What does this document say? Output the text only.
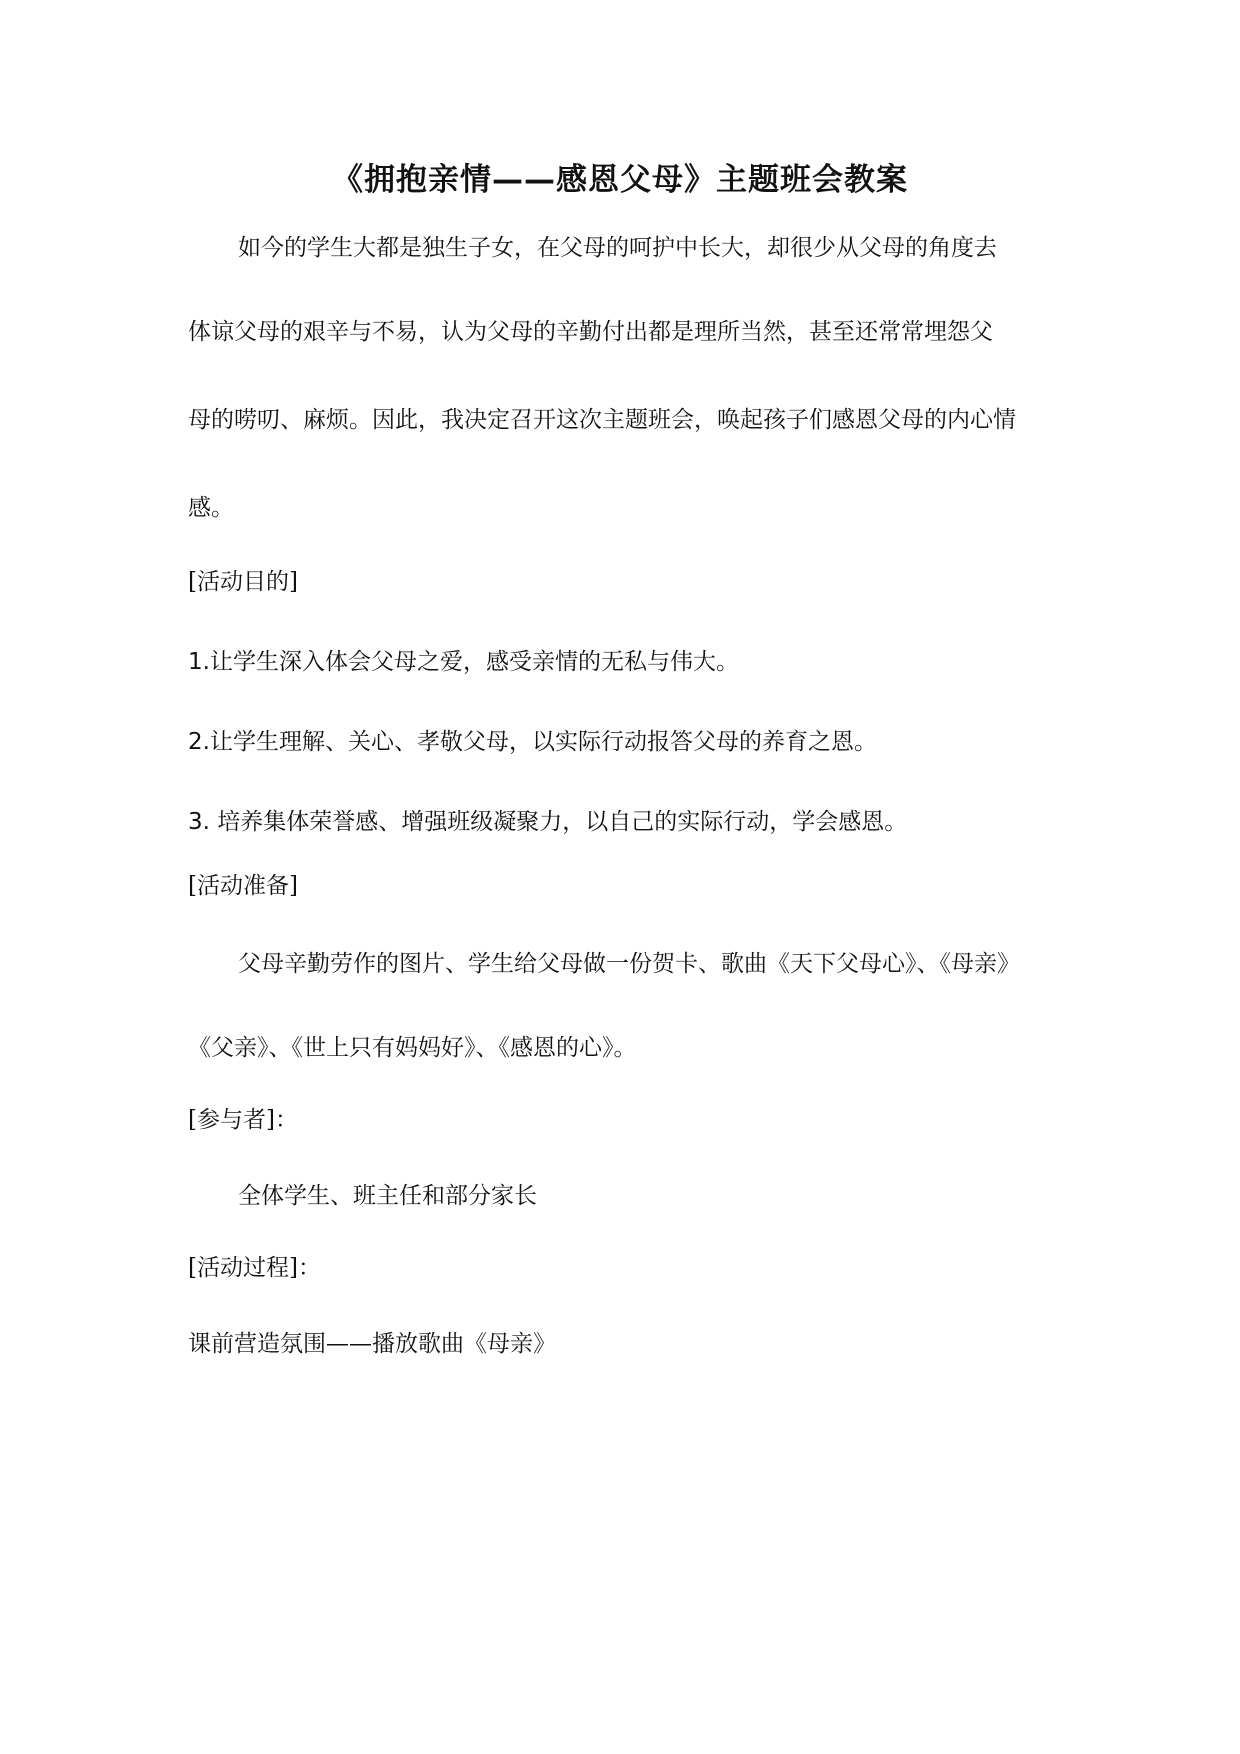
《拥抱亲情——感恩父母》主题班会教案
如今的学生大都是独生子女，在父母的呵护中长大，却很少从父母的角度去
体谅父母的艰辛与不易，认为父母的辛勤付出都是理所当然，甚至还常常埋怨父
母的唠叨、麻烦。因此，我决定召开这次主题班会，唤起孩子们感恩父母的内心情
感。
[活动目的]
1.让学生深入体会父母之爱，感受亲情的无私与伟大。
2.让学生理解、关心、孝敬父母，以实际行动报答父母的养育之恩。
3. 培养集体荣誉感、增强班级凝聚力，以自己的实际行动，学会感恩。
[活动准备]
父母辛勤劳作的图片、学生给父母做一份贺卡、歌曲《天下父母心》、《母亲》
《父亲》、《世上只有妈妈好》、《感恩的心》。
[参与者]：
全体学生、班主任和部分家长
[活动过程]：
课前营造氛围——播放歌曲《母亲》
